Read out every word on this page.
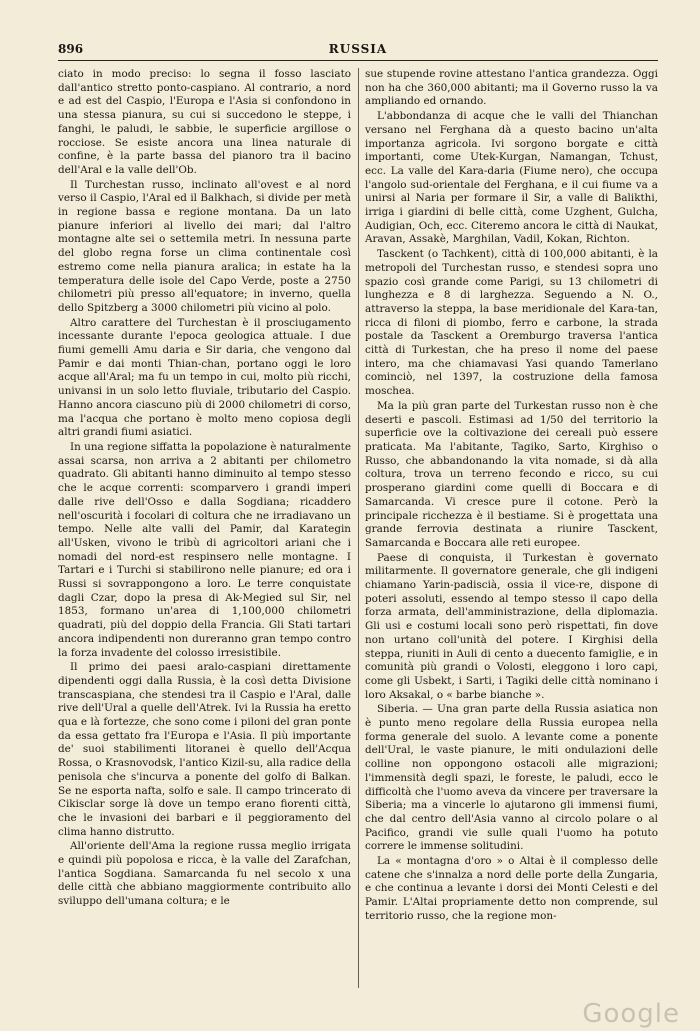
896	RUSSIA

ciato in modo preciso: lo segna il fosso lasciato dall'antico stretto ponto-caspiano. Al contrario, a nord e ad est del Caspio, l'Europa e l'Asia si confondono in una stessa pianura, su cui si succedono le steppe, i fanghi, le paludi, le sabbie, le superficie argillose o rocciose. Se esiste ancora una linea naturale di confine, è la parte bassa del pianoro tra il bacino dell'Aral e la valle dell'Ob.

Il Turchestan russo, inclinato all'ovest e al nord verso il Caspio, l'Aral ed il Balkhach, si divide per metà in regione bassa e regione montana. Da un lato pianure inferiori al livello dei mari; dal l'altro montagne alte sei o settemila metri. In nessuna parte del globo regna forse un clima continentale così estremo come nella pianura aralica; in estate ha la temperatura delle isole del Capo Verde, poste a 2750 chilometri più presso all'equatore; in inverno, quella dello Spitzberg a 3000 chilometri più vicino al polo.

Altro carattere del Turchestan è il prosciugamento incessante durante l'epoca geologica attuale. I due fiumi gemelli Amu daria e Sir daria, che vengono dal Pamir e dai monti Thian-chan, portano oggi le loro acque all'Aral; ma fu un tempo in cui, molto più ricchi, univansi in un solo letto fluviale, tributario del Caspio. Hanno ancora ciascuno più di 2000 chilometri di corso, ma l'acqua che portano è molto meno copiosa degli altri grandi fiumi asiatici.

In una regione siffatta la popolazione è naturalmente assai scarsa, non arriva a 2 abitanti per chilometro quadrato. Gli abitanti hanno diminuito al tempo stesso che le acque correnti: scomparvero i grandi imperi dalle rive dell'Osso e dalla Sogdiana; ricaddero nell'oscurità i focolari di coltura che ne irradiavano un tempo. Nelle alte valli del Pamir, dal Karategin all'Usken, vivono le tribù di agricoltori ariani che i nomadi del nord-est respinsero nelle montagne. I Tartari e i Turchi si stabilirono nelle pianure; ed ora i Russi si sovrappongono a loro. Le terre conquistate dagli Czar, dopo la presa di Ak-Megied sul Sir, nel 1853, formano un'area di 1,100,000 chilometri quadrati, più del doppio della Francia. Gli Stati tartari ancora indipendenti non dureranno gran tempo contro la forza invadente del colosso irresistibile.

Il primo dei paesi aralo-caspiani direttamente dipendenti oggi dalla Russia, è la così detta Divisione transcaspiana, che stendesi tra il Caspio e l'Aral, dalle rive dell'Ural a quelle dell'Atrek. Ivi la Russia ha eretto qua e là fortezze, che sono come i piloni del gran ponte da essa gettato fra l'Europa e l'Asia. Il più importante de' suoi stabilimenti litoranei è quello dell'Acqua Rossa, o Krasnovodsk, l'antico Kizil-su, alla radice della penisola che s'incurva a ponente del golfo di Balkan. Se ne esporta nafta, solfo e sale. Il campo trincerato di Cikisclar sorge là dove un tempo erano fiorenti città, che le invasioni dei barbari e il peggioramento del clima hanno distrutto.

All'oriente dell'Ama la regione russa meglio irrigata e quindi più popolosa e ricca, è la valle del Zarafchan, l'antica Sogdiana. Samarcanda fu nel secolo x una delle città che abbiano maggiormente contribuito allo sviluppo dell'umana coltura; e le

sue stupende rovine attestano l'antica grandezza. Oggi non ha che 360,000 abitanti; ma il Governo russo la va ampliando ed ornando.

L'abbondanza di acque che le valli del Thianchan versano nel Ferghana dà a questo bacino un'alta importanza agricola. Ivi sorgono borgate e città importanti, come Utek-Kurgan, Namangan, Tchust, ecc. La valle del Kara-daria (Fiume nero), che occupa l'angolo sud-orientale del Ferghana, e il cui fiume va a unirsi al Naria per formare il Sir, a valle di Balikthi, irriga i giardini di belle città, come Uzghent, Gulcha, Audigian, Och, ecc. Citeremo ancora le città di Naukat, Aravan, Assakè, Marghilan, Vadil, Kokan, Richton.

Tasckent (o Tachkent), città di 100,000 abitanti, è la metropoli del Turchestan russo, e stendesi sopra uno spazio così grande come Parigi, su 13 chilometri di lunghezza e 8 di larghezza. Seguendo a N. O., attraverso la steppa, la base meridionale del Kara-tan, ricca di filoni di piombo, ferro e carbone, la strada postale da Tasckent a Oremburgo traversa l'antica città di Turkestan, che ha preso il nome del paese intero, ma che chiamavasi Yasi quando Tamerlano cominciò, nel 1397, la costruzione della famosa moschea.

Ma la più gran parte del Turkestan russo non è che deserti e pascoli. Estimasi ad 1/50 del territorio la superficie ove la coltivazione dei cereali può essere praticata. Ma l'abitante, Tagiko, Sarto, Kirghiso o Russo, che abbandonando la vita nomade, si dà alla coltura, trova un terreno fecondo e ricco, su cui prosperano giardini come quelli di Boccara e di Samarcanda. Vi cresce pure il cotone. Però la principale ricchezza è il bestiame. Si è progettata una grande ferrovia destinata a riunire Tasckent, Samarcanda e Boccara alle reti europee.

Paese di conquista, il Turkestan è governato militarmente. Il governatore generale, che gli indigeni chiamano Yarin-padiscià, ossia il vice-re, dispone di poteri assoluti, essendo al tempo stesso il capo della forza armata, dell'amministrazione, della diplomazia. Gli usi e costumi locali sono però rispettati, fin dove non urtano coll'unità del potere. I Kirghisi della steppa, riuniti in Auli di cento a duecento famiglie, e in comunità più grandi o Volosti, eleggono i loro capi, come gli Usbekt, i Sarti, i Tagiki delle città nominano i loro Aksakal, o « barbe bianche ».

Siberia. — Una gran parte della Russia asiatica non è punto meno regolare della Russia europea nella forma generale del suolo. A levante come a ponente dell'Ural, le vaste pianure, le miti ondulazioni delle colline non oppongono ostacoli alle migrazioni; l'immensità degli spazi, le foreste, le paludi, ecco le difficoltà che l'uomo aveva da vincere per traversare la Siberia; ma a vincerle lo ajutarono gli immensi fiumi, che dal centro dell'Asia vanno al circolo polare o al Pacifico, grandi vie sulle quali l'uomo ha potuto correre le immense solitudini.

La « montagna d'oro » o Altai è il complesso delle catene che s'innalza a nord delle porte della Zungaria, e che continua a levante i dorsi dei Monti Celesti e del Pamir. L'Altai propriamente detto non comprende, sul territorio russo, che la regione mon-

Google
